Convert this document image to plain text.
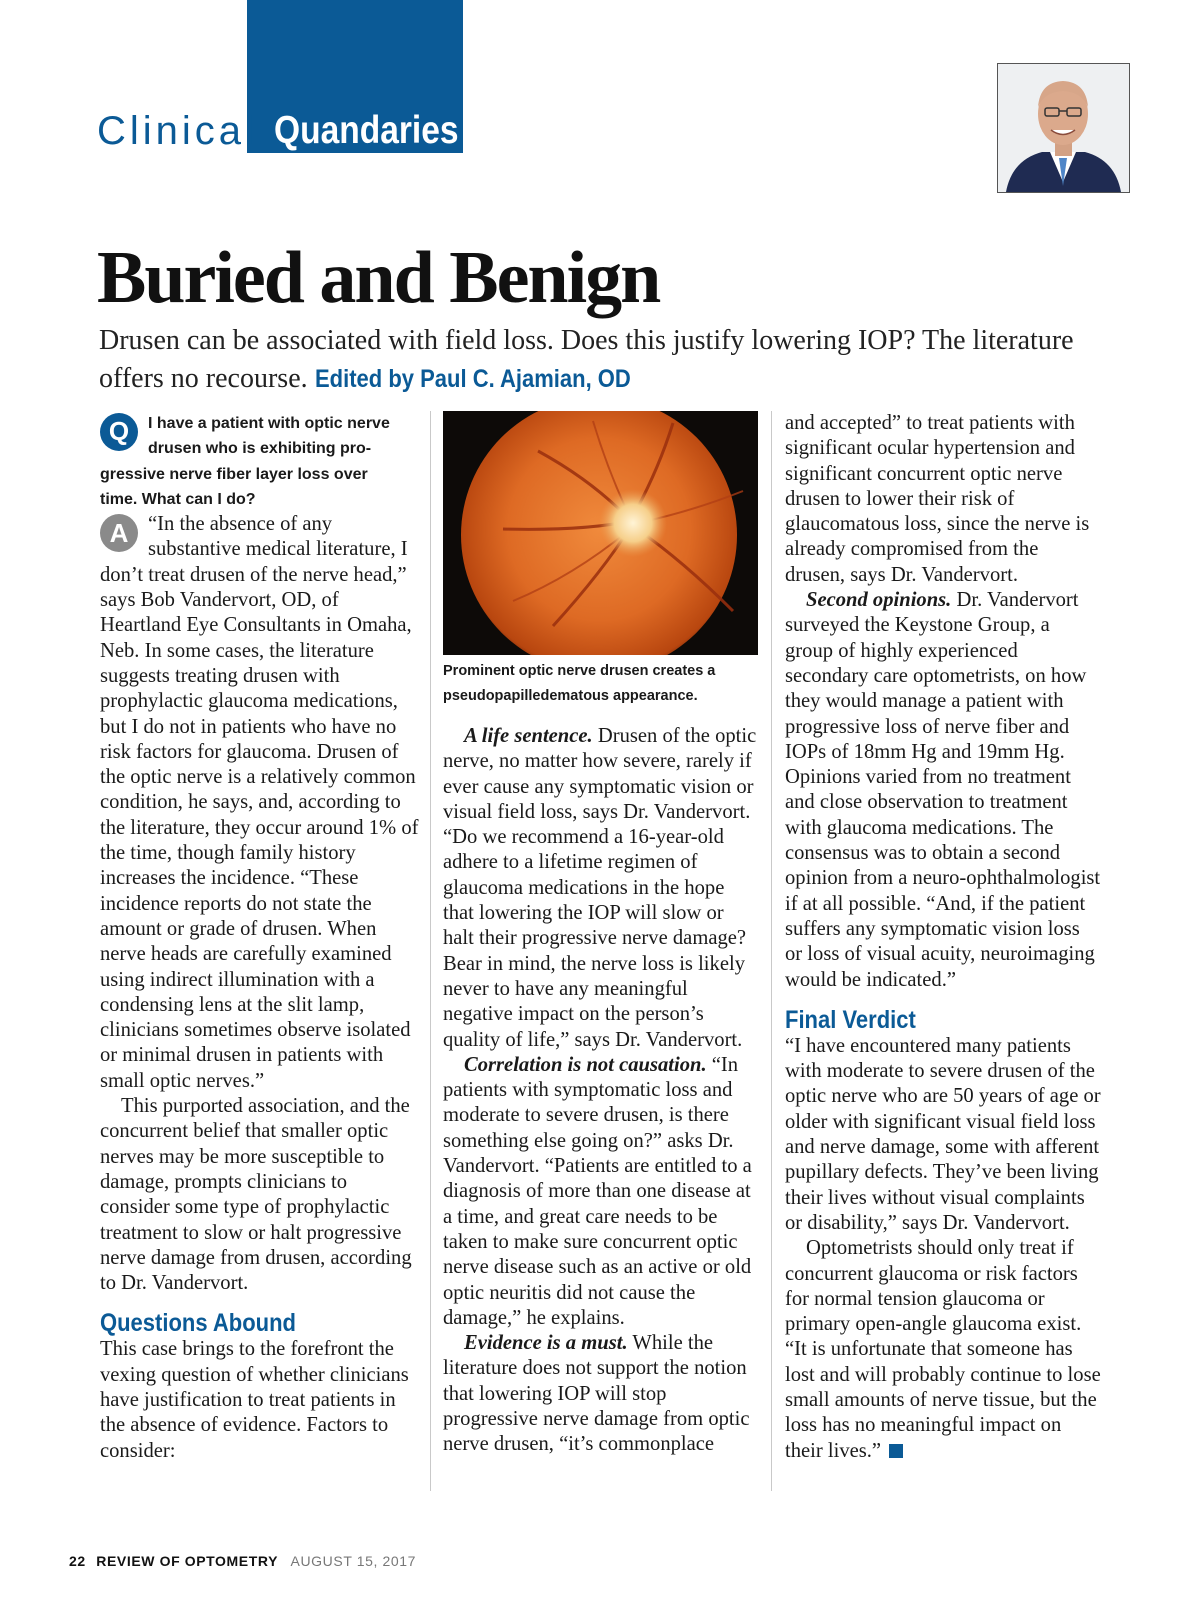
Clinical Quandaries
Buried and Benign
Drusen can be associated with field loss. Does this justify lowering IOP? The literature offers no recourse. Edited by Paul C. Ajamian, OD
Q	I have a patient with optic nerve
drusen who is exhibiting pro-
gressive nerve fiber layer loss over
time. What can I do?
A “In the absence of any substantive medical literature, I don’t treat drusen of the nerve head,” says Bob Vandervort, OD, of Heartland Eye Consultants in Omaha, Neb. In some cases, the literature suggests treating drusen with prophylactic glaucoma medications, but I do not in patients who have no risk factors for glaucoma. Drusen of the optic nerve is a relatively common condition, he says, and, according to the literature, they occur around 1% of the time, though family history increases the incidence. “These incidence reports do not state the amount or grade of drusen. When nerve heads are carefully examined using indirect illumination with a condensing lens at the slit lamp, clinicians sometimes observe isolated or minimal drusen in patients with small optic nerves.”

This purported association, and the concurrent belief that smaller optic nerves may be more susceptible to damage, prompts clinicians to consider some type of prophylactic treatment to slow or halt progressive nerve damage from drusen, according to Dr. Vandervort.

Questions Abound

This case brings to the forefront the vexing question of whether clinicians have justification to treat patients in the absence of evidence. Factors to consider:

Prominent optic nerve drusen creates a
pseudopapilledematous appearance.

A life sentence. Drusen of the optic nerve, no matter how severe, rarely if ever cause any symptomatic vision or visual field loss, says Dr. Vandervort. “Do we recommend a 16-year-old adhere to a lifetime regimen of glaucoma medications in the hope that lowering the IOP will slow or halt their progressive nerve damage? Bear in mind, the nerve loss is likely never to have any meaningful negative impact on the person’s quality of life,” says Dr. Vandervort.

Correlation is not causation. “In patients with symptomatic loss and moderate to severe drusen, is there something else going on?” asks Dr. Vandervort. “Patients are entitled to a diagnosis of more than one disease at a time, and great care needs to be taken to make sure concurrent optic nerve disease such as an active or old optic neuritis did not cause the damage,” he explains.

Evidence is a must. While the literature does not support the notion that lowering IOP will stop progressive nerve damage from optic nerve drusen, “it’s commonplace

and accepted” to treat patients with significant ocular hypertension and significant concurrent optic nerve drusen to lower their risk of glaucomatous loss, since the nerve is already compromised from the drusen, says Dr. Vandervort.

Second opinions. Dr. Vandervort surveyed the Keystone Group, a group of highly experienced secondary care optometrists, on how they would manage a patient with progressive loss of nerve fiber and IOPs of 18mm Hg and 19mm Hg. Opinions varied from no treatment and close observation to treatment with glaucoma medications. The consensus was to obtain a second opinion from a neuro-ophthalmologist if at all possible. “And, if the patient suffers any symptomatic vision loss or loss of visual acuity, neuroimaging would be indicated.”

Final Verdict

“I have encountered many patients with moderate to severe drusen of the optic nerve who are 50 years of age or older with significant visual field loss and nerve damage, some with afferent pupillary defects. They’ve been living their lives without visual complaints or disability,” says Dr. Vandervort.

Optometrists should only treat if concurrent glaucoma or risk factors for normal tension glaucoma or primary open-angle glaucoma exist. “It is unfortunate that someone has lost and will probably continue to lose small amounts of nerve tissue, but the loss has no meaningful impact on their lives.”

22 REVIEW OF OPTOMETRY AUGUST 15, 2017
